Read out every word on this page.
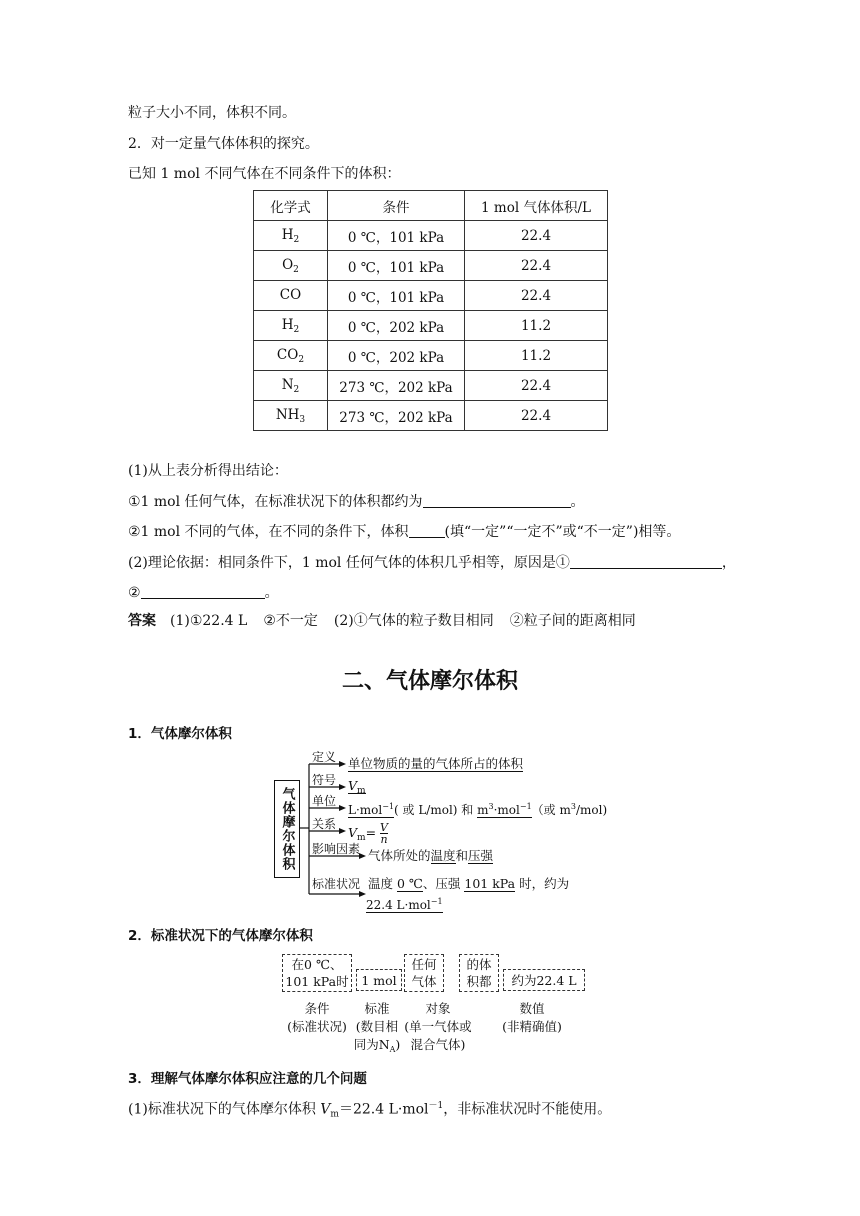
粒子大小不同，体积不同。
2．对一定量气体体积的探究。
已知 1 mol 不同气体在不同条件下的体积：
化学式	条件	1 mol 气体体积/L
$H_2$	0 ℃，101 kPa	22.4
$O_2$	0 ℃，101 kPa	22.4
CO	0 ℃，101 kPa	22.4
$H_2$	0 ℃，202 kPa	11.2
$CO_2$	0 ℃，202 kPa	11.2
$N_2$	273 ℃，202 kPa	22.4
$NH_3$	273 ℃，202 kPa	22.4
(1)从上表分析得出结论：
①1 mol 任何气体，在标准状况下的体积都约为	。
②1 mol 不同的气体，在不同的条件下，体积	(填“一定”“一定不”或“不一定”)相等。
(2)理论依据：相同条件下，1 mol 任何气体的体积几乎相等，原因是①	，
②	。
答案 (1)①22.4 L ②不一定 (2)①气体的粒子数目相同 ②粒子间的距离相同
二、气体摩尔体积
1．气体摩尔体积
气体摩尔体积
定义
符号
单位
关系
影响因素
标准状况
单位物质的量的气体所占的体积
$V_m$
L·mol$^{-1}$( 或 L/mol) 和 $m^3\cdot mol^{-1}$（或 $m^3/mol$)
$V_m= \frac{V}{n}$
气体所处的温度和压强
温度 0 ℃、压强 101 kPa 时，约为
22.4 L·mol$^{-1}$
2．标准状况下的气体摩尔体积
在0 ℃、
101 kPa时	1 mol
任何
气体
的体
积都	约为22.4 L
条件
(标准状况)
标准
(数目相
同为$N_A$)
对象
(单一气体或
混合气体)
数值
(非精确值)
3．理解气体摩尔体积应注意的几个问题
(1)标准状况下的气体摩尔体积 $V_m=22.4$ L·mol$^{-1}$，非标准状况时不能使用。
